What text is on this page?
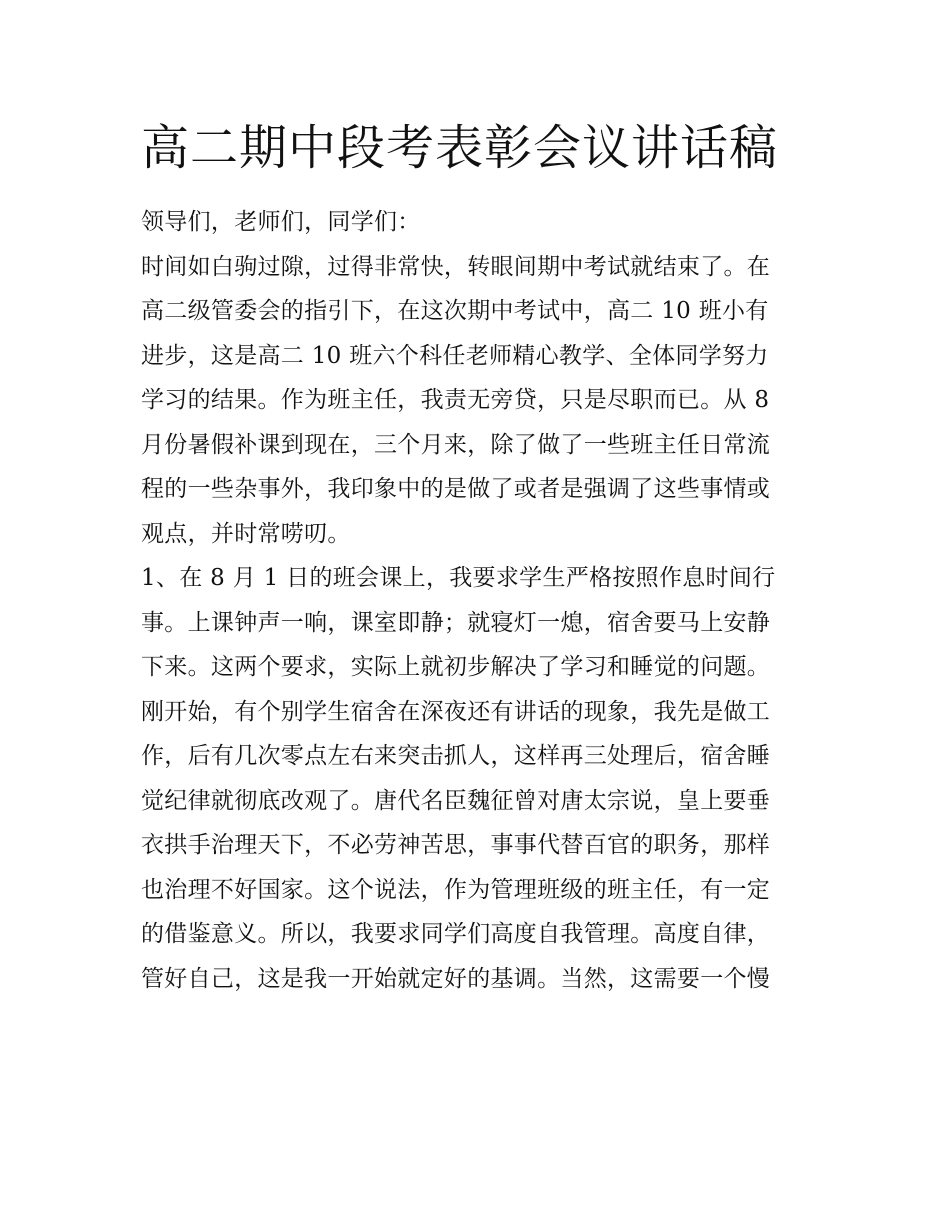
高二期中段考表彰会议讲话稿
领导们，老师们，同学们：
时间如白驹过隙，过得非常快，转眼间期中考试就结束了。在
高二级管委会的指引下，在这次期中考试中，高二 10 班小有
进步，这是高二 10 班六个科任老师精心教学、全体同学努力
学习的结果。作为班主任，我责无旁贷，只是尽职而已。从 8
月份暑假补课到现在，三个月来，除了做了一些班主任日常流
程的一些杂事外，我印象中的是做了或者是强调了这些事情或
观点，并时常唠叨。
1、在 8 月 1 日的班会课上，我要求学生严格按照作息时间行
事。上课钟声一响，课室即静；就寝灯一熄，宿舍要马上安静
下来。这两个要求，实际上就初步解决了学习和睡觉的问题。
刚开始，有个别学生宿舍在深夜还有讲话的现象，我先是做工
作，后有几次零点左右来突击抓人，这样再三处理后，宿舍睡
觉纪律就彻底改观了。唐代名臣魏征曾对唐太宗说，皇上要垂
衣拱手治理天下，不必劳神苦思，事事代替百官的职务，那样
也治理不好国家。这个说法，作为管理班级的班主任，有一定
的借鉴意义。所以，我要求同学们高度自我管理。高度自律，
管好自己，这是我一开始就定好的基调。当然，这需要一个慢
